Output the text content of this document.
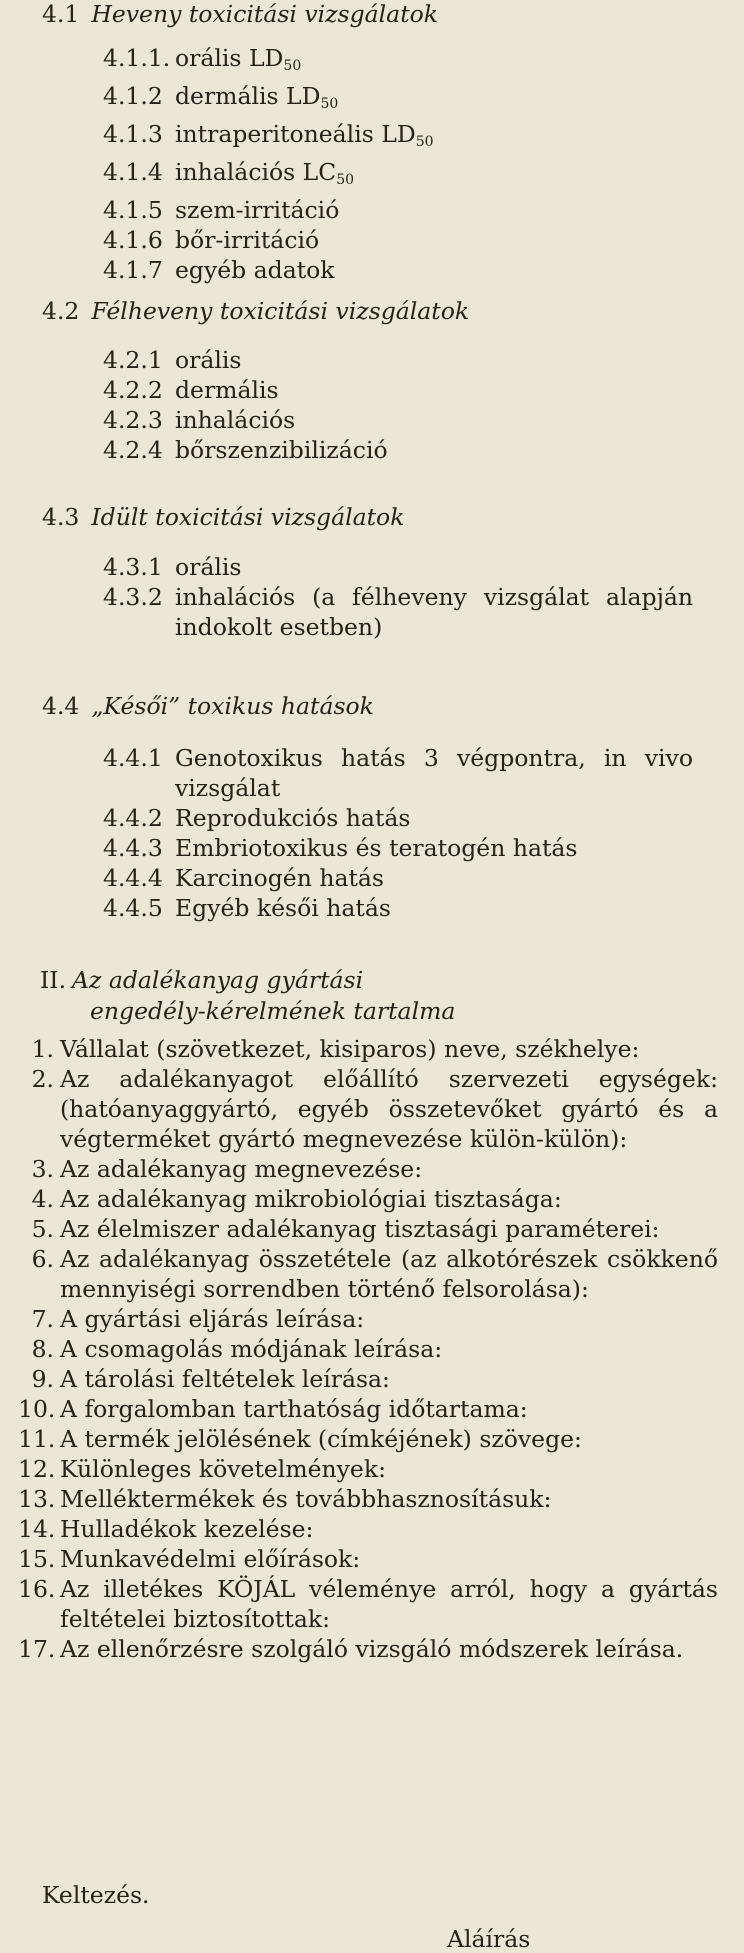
4.1 Heveny toxicitási vizsgálatok
4.1.1. orális $LD_{50}$
4.1.2 dermális $LD_{50}$
4.1.3 intraperitoneális $LD_{50}$
4.1.4 inhalációs $LC_{50}$
4.1.5 szem-irritáció
4.1.6 bőr-irritáció
4.1.7 egyéb adatok
4.2 Félheveny toxicitási vizsgálatok
4.2.1 orális
4.2.2 dermális
4.2.3 inhalációs
4.2.4 bőrszenzibilizáció
4.3 Idült toxicitási vizsgálatok
4.3.1 orális
4.3.2 inhalációs (a félheveny vizsgálat alapján indokolt esetben)
4.4 „Késői” toxikus hatások
4.4.1 Genotoxikus hatás 3 végpontra, in vivo vizsgálat
4.4.2 Reprodukciós hatás
4.4.3 Embriotoxikus és teratogén hatás
4.4.4 Karcinogén hatás
4.4.5 Egyéb késői hatás
II. Az adalékanyag gyártási
engedély-kérelmének tartalma
1. Vállalat (szövetkezet, kisiparos) neve, székhelye:
2. Az adalékanyagot előállító szervezeti egységek: (hatóanyaggyártó, egyéb összetevőket gyártó és a végterméket gyártó megnevezése külön-külön):
3. Az adalékanyag megnevezése:
4. Az adalékanyag mikrobiológiai tisztasága:
5. Az élelmiszer adalékanyag tisztasági paraméterei:
6. Az adalékanyag összetétele (az alkotórészek csökkenő mennyiségi sorrendben történő felsorolása):
7. A gyártási eljárás leírása:
8. A csomagolás módjának leírása:
9. A tárolási feltételek leírása:
10. A forgalomban tarthatóság időtartama:
11. A termék jelölésének (címkéjének) szövege:
12. Különleges követelmények:
13. Melléktermékek és továbbhasznosításuk:
14. Hulladékok kezelése:
15. Munkavédelmi előírások:
16. Az illetékes KÖJÁL véleménye arról, hogy a gyártás feltételei biztosítottak:
17. Az ellenőrzésre szolgáló vizsgáló módszerek leírása.
Keltezés.
Aláírás
